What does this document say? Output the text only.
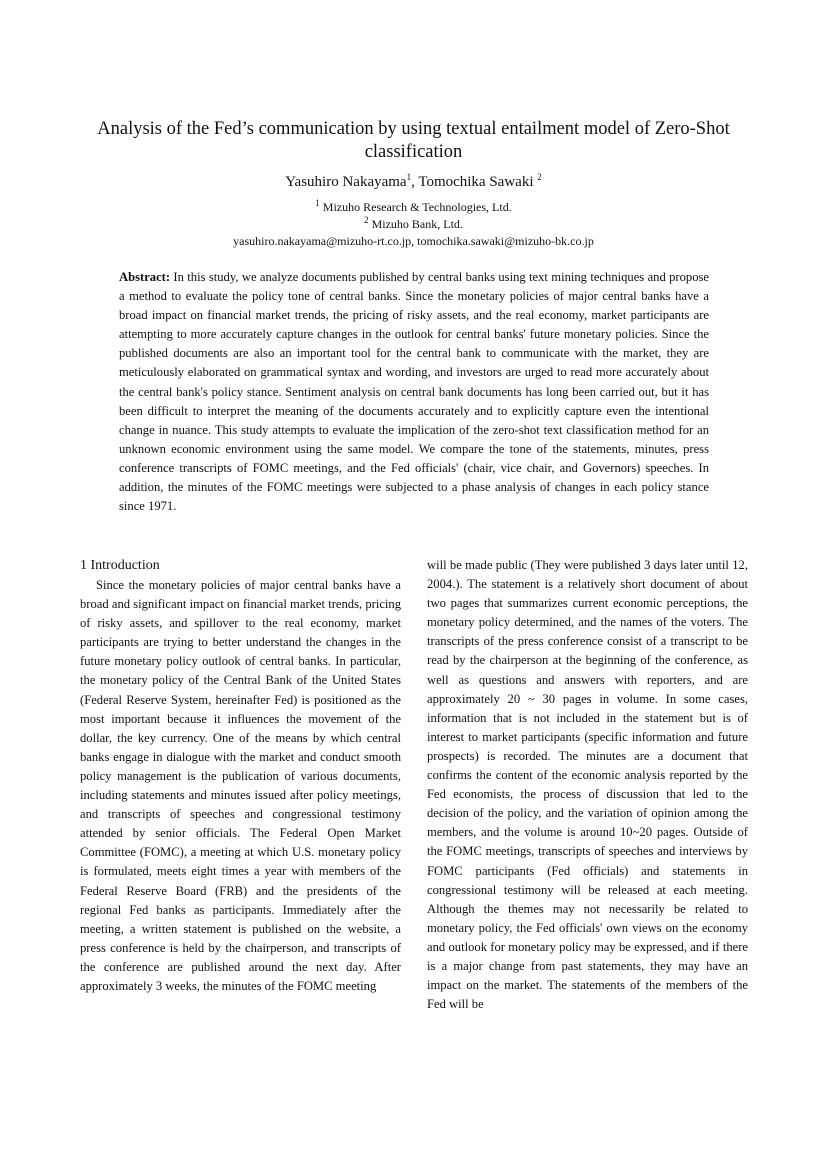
Analysis of the Fed’s communication by using textual entailment model of Zero-Shot classification
Yasuhiro Nakayama$^1$, Tomochika Sawaki $^2$
$^1$ Mizuho Research & Technologies, Ltd.
$^2$ Mizuho Bank, Ltd.
yasuhiro.nakayama@mizuho-rt.co.jp, tomochika.sawaki@mizuho-bk.co.jp

Abstract: In this study, we analyze documents published by central banks using text mining techniques and propose a method to evaluate the policy tone of central banks. Since the monetary policies of major central banks have a broad impact on financial market trends, the pricing of risky assets, and the real economy, market participants are attempting to more accurately capture changes in the outlook for central banks' future monetary policies. Since the published documents are also an important tool for the central bank to communicate with the market, they are meticulously elaborated on grammatical syntax and wording, and investors are urged to read more accurately about the central bank's policy stance. Sentiment analysis on central bank documents has long been carried out, but it has been difficult to interpret the meaning of the documents accurately and to explicitly capture even the intentional change in nuance. This study attempts to evaluate the implication of the zero-shot text classification method for an unknown economic environment using the same model. We compare the tone of the statements, minutes, press conference transcripts of FOMC meetings, and the Fed officials' (chair, vice chair, and Governors) speeches. In addition, the minutes of the FOMC meetings were subjected to a phase analysis of changes in each policy stance since 1971.

1 Introduction

Since the monetary policies of major central banks have a broad and significant impact on financial market trends, pricing of risky assets, and spillover to the real economy, market participants are trying to better understand the changes in the future monetary policy outlook of central banks. In particular, the monetary policy of the Central Bank of the United States (Federal Reserve System, hereinafter Fed) is positioned as the most important because it influences the movement of the dollar, the key currency. One of the means by which central banks engage in dialogue with the market and conduct smooth policy management is the publication of various documents, including statements and minutes issued after policy meetings, and transcripts of speeches and congressional testimony attended by senior officials. The Federal Open Market Committee (FOMC), a meeting at which U.S. monetary policy is formulated, meets eight times a year with members of the Federal Reserve Board (FRB) and the presidents of the regional Fed banks as participants. Immediately after the meeting, a written statement is published on the website, a press conference is held by the chairperson, and transcripts of the conference are published around the next day. After approximately 3 weeks, the minutes of the FOMC meeting

will be made public (They were published 3 days later until 12, 2004.). The statement is a relatively short document of about two pages that summarizes current economic perceptions, the monetary policy determined, and the names of the voters. The transcripts of the press conference consist of a transcript to be read by the chairperson at the beginning of the conference, as well as questions and answers with reporters, and are approximately 20 ~ 30 pages in volume. In some cases, information that is not included in the statement but is of interest to market participants (specific information and future prospects) is recorded. The minutes are a document that confirms the content of the economic analysis reported by the Fed economists, the process of discussion that led to the decision of the policy, and the variation of opinion among the members, and the volume is around 10~20 pages. Outside of the FOMC meetings, transcripts of speeches and interviews by FOMC participants (Fed officials) and statements in congressional testimony will be released at each meeting. Although the themes may not necessarily be related to monetary policy, the Fed officials' own views on the economy and outlook for monetary policy may be expressed, and if there is a major change from past statements, they may have an impact on the market. The statements of the members of the Fed will be
